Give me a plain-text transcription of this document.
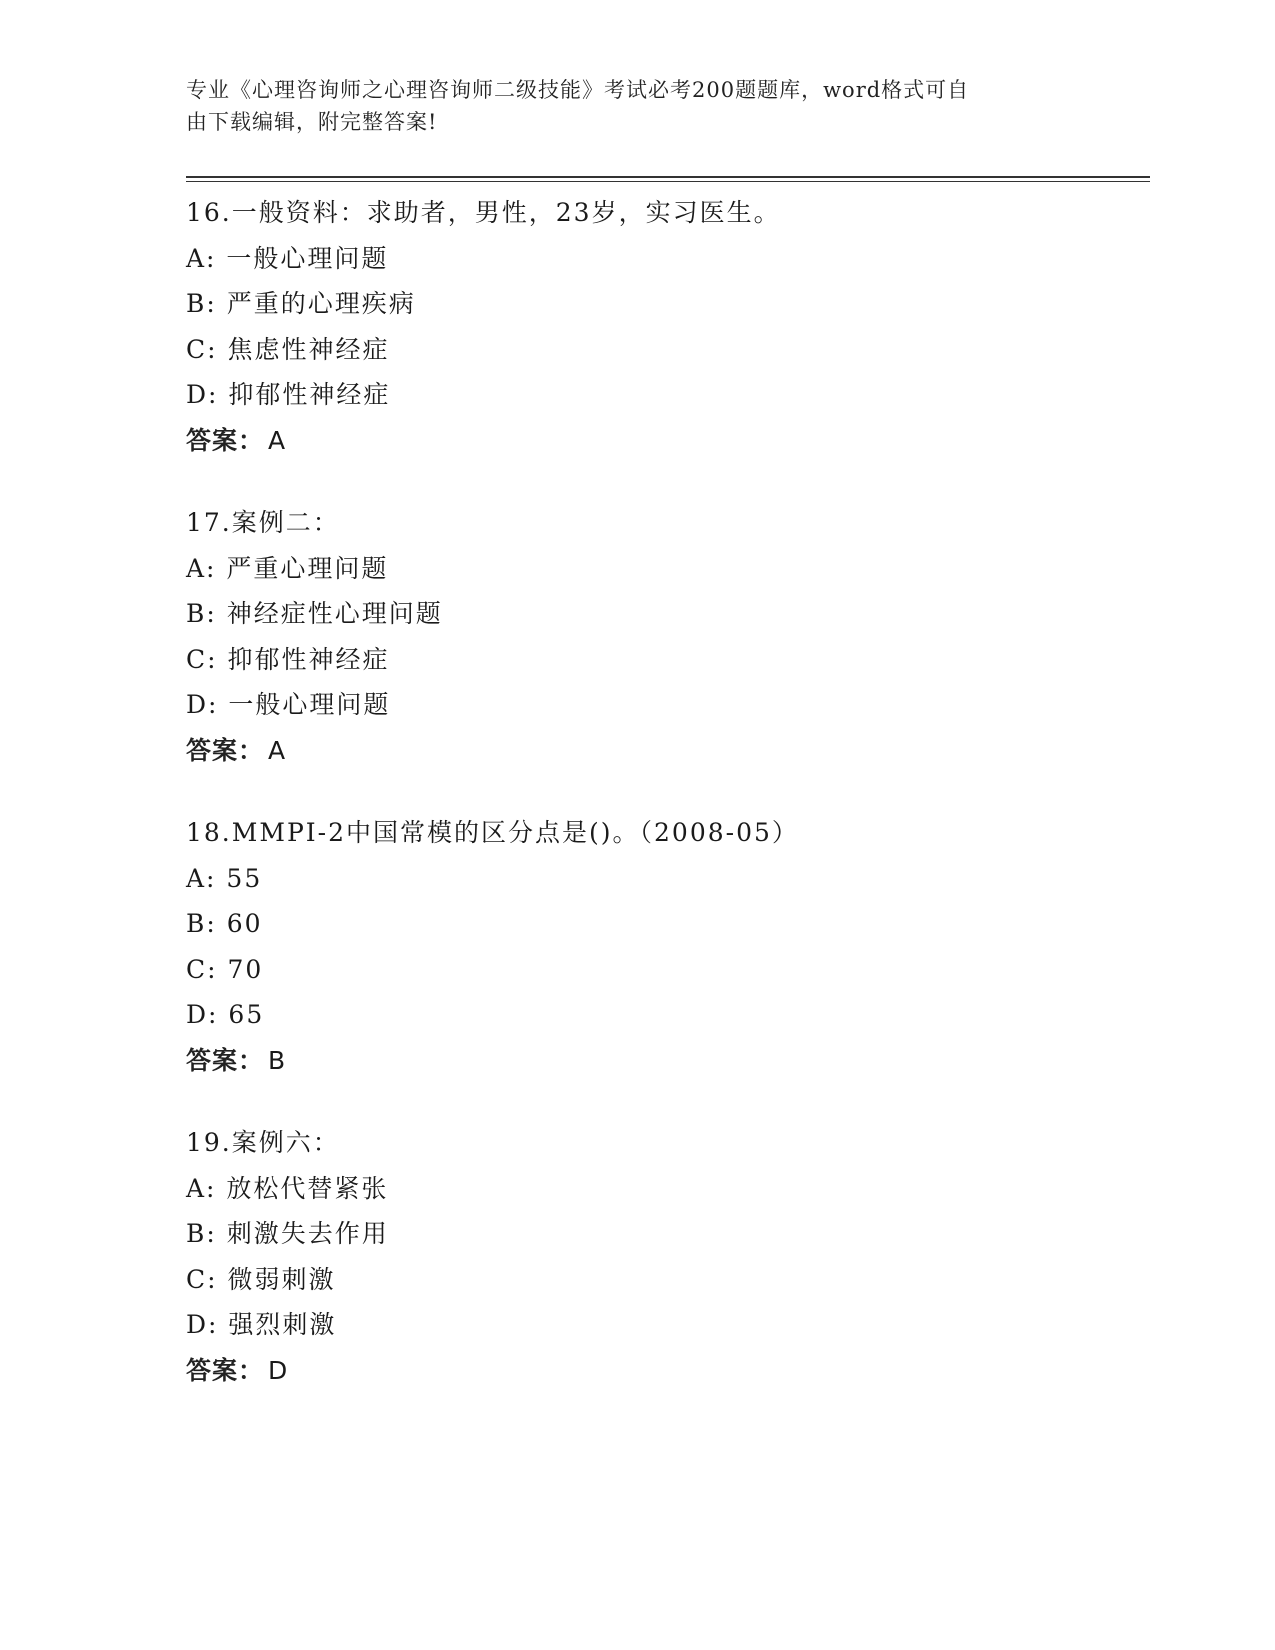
专业《心理咨询师之心理咨询师二级技能》考试必考200题题库，word格式可自
由下载编辑，附完整答案!
16.一般资料：求助者，男性，23岁，实习医生。
A: 一般心理问题
B: 严重的心理疾病
C: 焦虑性神经症
D: 抑郁性神经症
答案： A
17.案例二：
A: 严重心理问题
B: 神经症性心理问题
C: 抑郁性神经症
D: 一般心理问题
答案： A
18.MMPI-2中国常模的区分点是()。（2008-05）
A: 55
B: 60
C: 70
D: 65
答案： B
19.案例六：
A: 放松代替紧张
B: 刺激失去作用
C: 微弱刺激
D: 强烈刺激
答案： D
